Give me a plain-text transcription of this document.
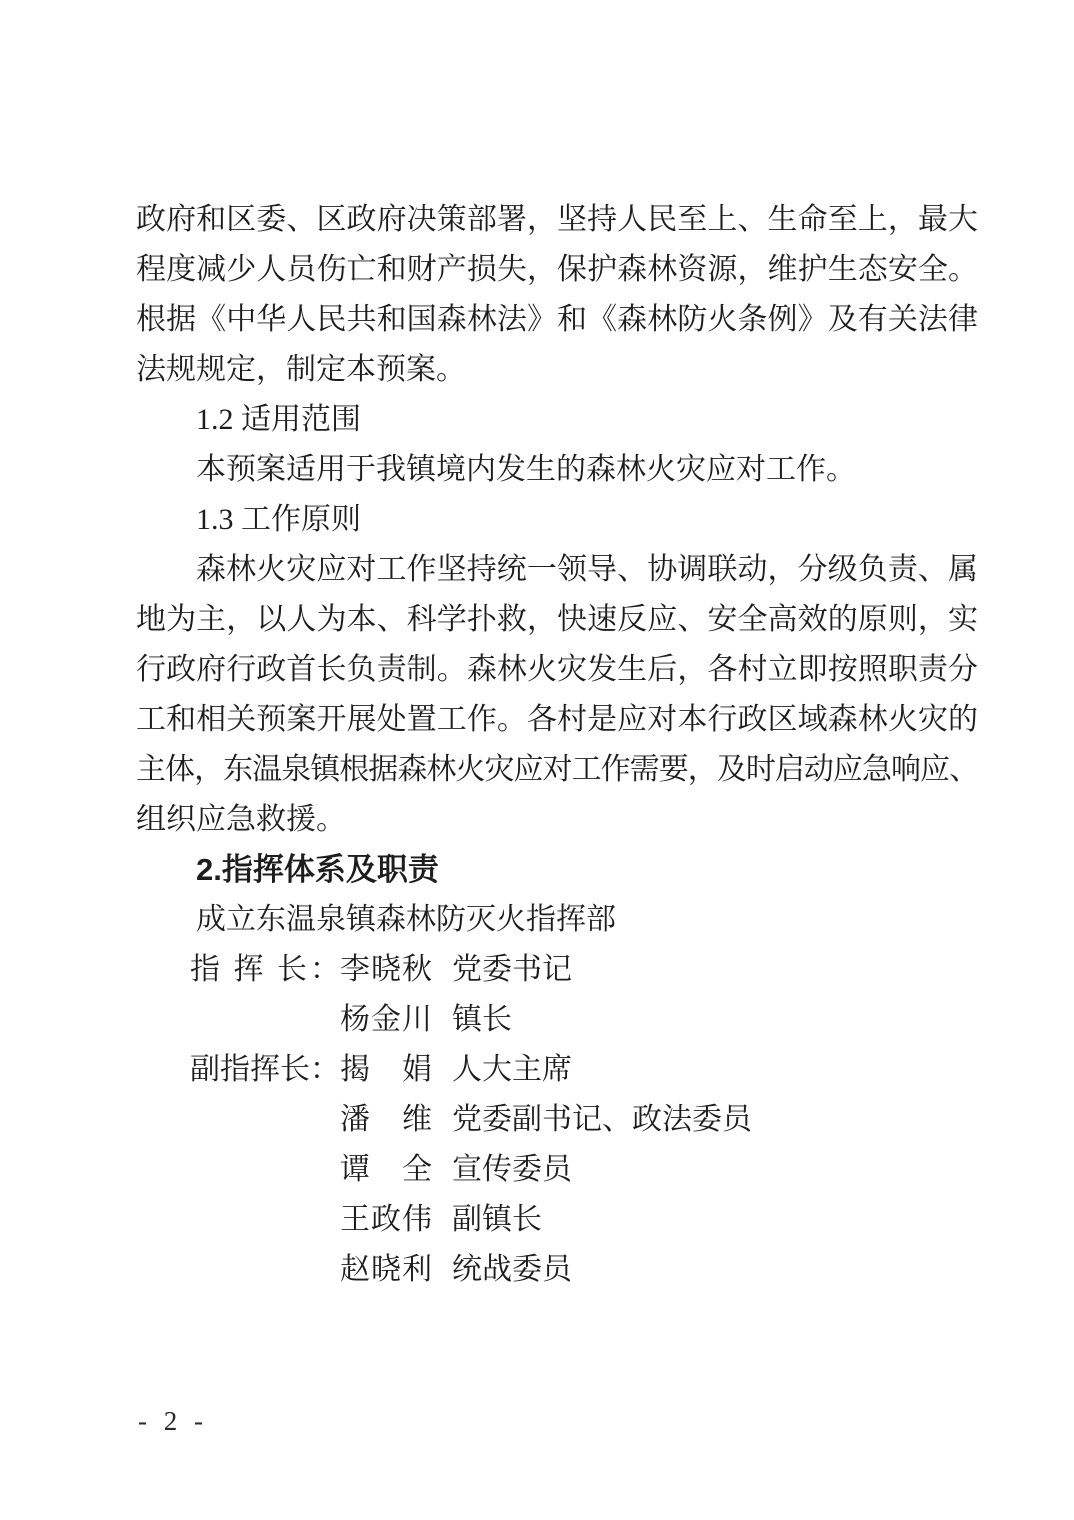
政府和区委、区政府决策部署，坚持人民至上、生命至上，最大
程度减少人员伤亡和财产损失，保护森林资源，维护生态安全。
根据《中华人民共和国森林法》和《森林防火条例》及有关法律
法规规定，制定本预案。
1.2 适用范围
本预案适用于我镇境内发生的森林火灾应对工作。
1.3 工作原则
森林火灾应对工作坚持统一领导、协调联动，分级负责、属
地为主，以人为本、科学扑救，快速反应、安全高效的原则，实
行政府行政首长负责制。森林火灾发生后，各村立即按照职责分
工和相关预案开展处置工作。各村是应对本行政区域森林火灾的
主体，东温泉镇根据森林火灾应对工作需要，及时启动应急响应、
组织应急救援。
2.指挥体系及职责
成立东温泉镇森林防灭火指挥部
指 挥 长：李晓秋 党委书记
杨金川 镇长
副指挥长：揭　娟 人大主席
潘　维 党委副书记、政法委员
谭　全 宣传委员
王政伟 副镇长
赵晓利 统战委员
- 2 -
